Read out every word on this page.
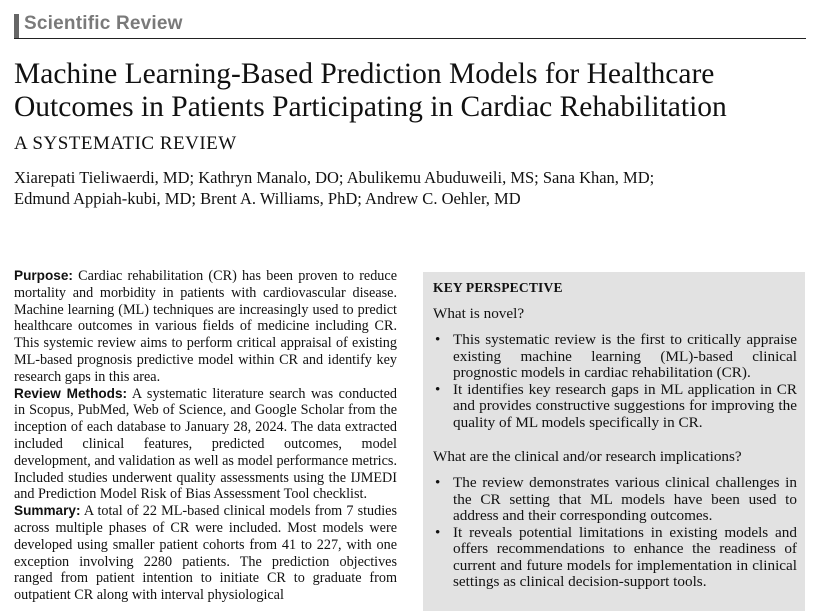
Scientific Review
Machine Learning-Based Prediction Models for Healthcare Outcomes in Patients Participating in Cardiac Rehabilitation
A SYSTEMATIC REVIEW

Xiarepati Tieliwaerdi, MD; Kathryn Manalo, DO; Abulikemu Abuduweili, MS; Sana Khan, MD;

Edmund Appiah-kubi, MD; Brent A. Williams, PhD; Andrew C. Oehler, MD

Purpose: Cardiac rehabilitation (CR) has been proven to reduce mortality and morbidity in patients with cardiovascular disease. Machine learning (ML) techniques are increasingly used to predict healthcare outcomes in various fields of medicine including CR. This systemic review aims to perform critical appraisal of existing ML-based prognosis predictive model within CR and identify key research gaps in this area.

Review Methods: A systematic literature search was conducted in Scopus, PubMed, Web of Science, and Google Scholar from the inception of each database to January 28, 2024. The data extracted included clinical features, predicted outcomes, model development, and validation as well as model performance metrics. Included studies underwent quality assessments using the IJMEDI and Prediction Model Risk of Bias Assessment Tool checklist.

Summary: A total of 22 ML-based clinical models from 7 studies across multiple phases of CR were included. Most models were developed using smaller patient cohorts from 41 to 227, with one exception involving 2280 patients. The prediction objectives ranged from patient intention to initiate CR to graduate from outpatient CR along with interval physiological

KEY PERSPECTIVE
What is novel?
• This systematic review is the first to critically appraise existing machine learning (ML)-based clinical prognostic models in cardiac rehabilitation (CR).
• It identifies key research gaps in ML application in CR and provides constructive suggestions for improving the quality of ML models specifically in CR.
What are the clinical and/or research implications?
• The review demonstrates various clinical challenges in the CR setting that ML models have been used to address and their corresponding outcomes.
• It reveals potential limitations in existing models and offers recommendations to enhance the readiness of current and future models for implementation in clinical settings as clinical decision-support tools.
